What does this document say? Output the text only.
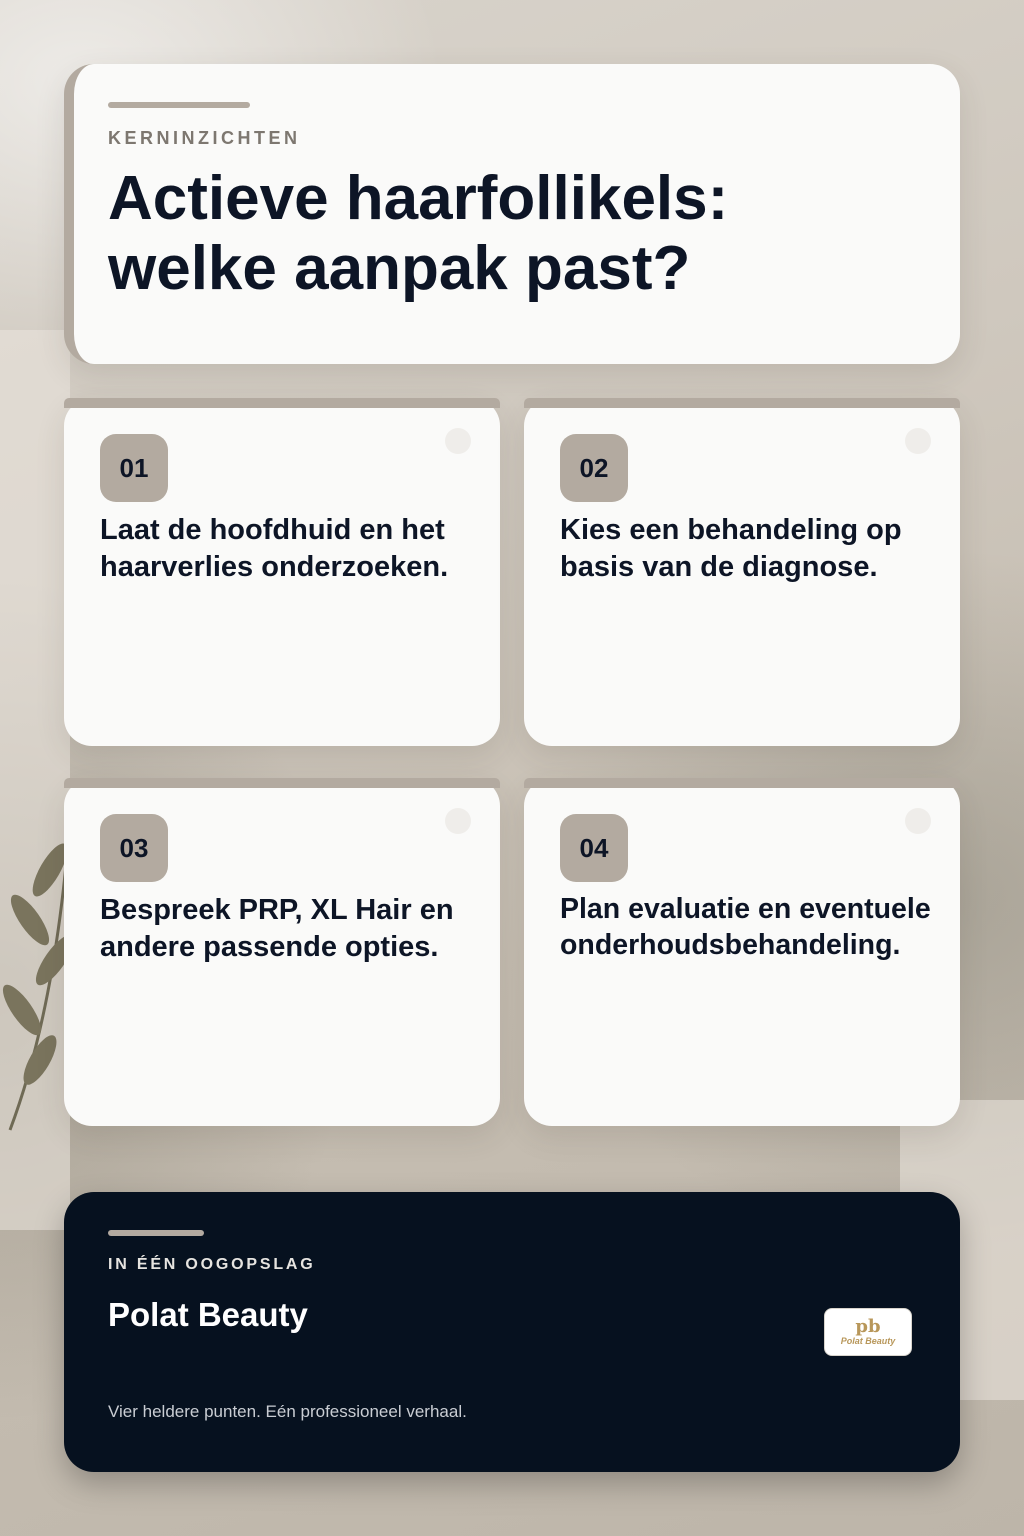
KERNINZICHTEN
Actieve haarfollikels:
welke aanpak past?
01

Laat de hoofdhuid en het haarverlies onderzoeken.

02

Kies een behandeling op basis van de diagnose.

03

Bespreek PRP, XL Hair en andere passende opties.

04

Plan evaluatie en eventuele onderhoudsbehandeling.

IN ÉÉN OOGOPSLAG
Polat Beauty
Vier heldere punten. Eén professioneel verhaal.
pb
Polat Beauty
